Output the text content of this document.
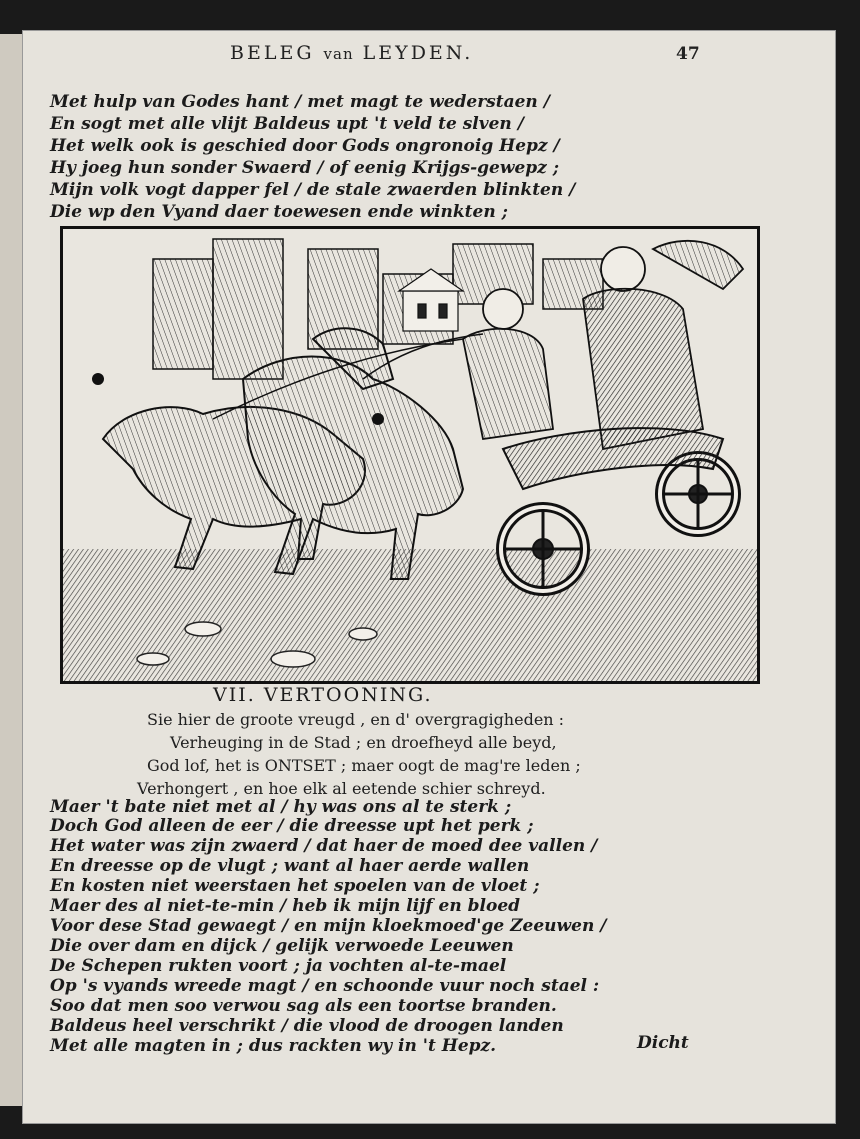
BELEG van LEYDEN.	47
Met hulp van Godes hant / met magt te wederstaen /
En sogt met alle vlijt Baldeus upt 't veld te slven /
Het welk ook is geschied door Gods ongronoig Hepz /
Hy joeg hun sonder Swaerd / of eenig Krijgs-gewepz ;
Mijn volk vogt dapper fel / de stale zwaerden blinkten /
Die wp den Vyand daer toewesen ende winkten ;
VII. VERTOONING.
Sie hier de groote vreugd , en d' overgragigheden :
Verheuging in de Stad ; en droefheyd alle beyd,
God lof, het is ONTSET ; maer oogt de mag're leden ;
Verhongert , en hoe elk al eetende schier schreyd.
Maer 't bate niet met al / hy was ons al te sterk ;
Doch God alleen de eer / die dreesse upt het perk ;
Het water was zijn zwaerd / dat haer de moed dee vallen /
En dreesse op de vlugt ; want al haer aerde wallen
En kosten niet weerstaen het spoelen van de vloet ;
Maer des al niet-te-min / heb ik mijn lijf en bloed
Voor dese Stad gewaegt / en mijn kloekmoed'ge Zeeuwen /
Die over dam en dijck / gelijk verwoede Leeuwen
De Schepen rukten voort ; ja vochten al-te-mael
Op 's vyands wreede magt / en schoonde vuur noch stael :
Soo dat men soo verwou sag als een toortse branden.
Baldeus heel verschrikt / die vlood de droogen landen
Met alle magten in ; dus rackten wy in 't Hepz.	Dicht
